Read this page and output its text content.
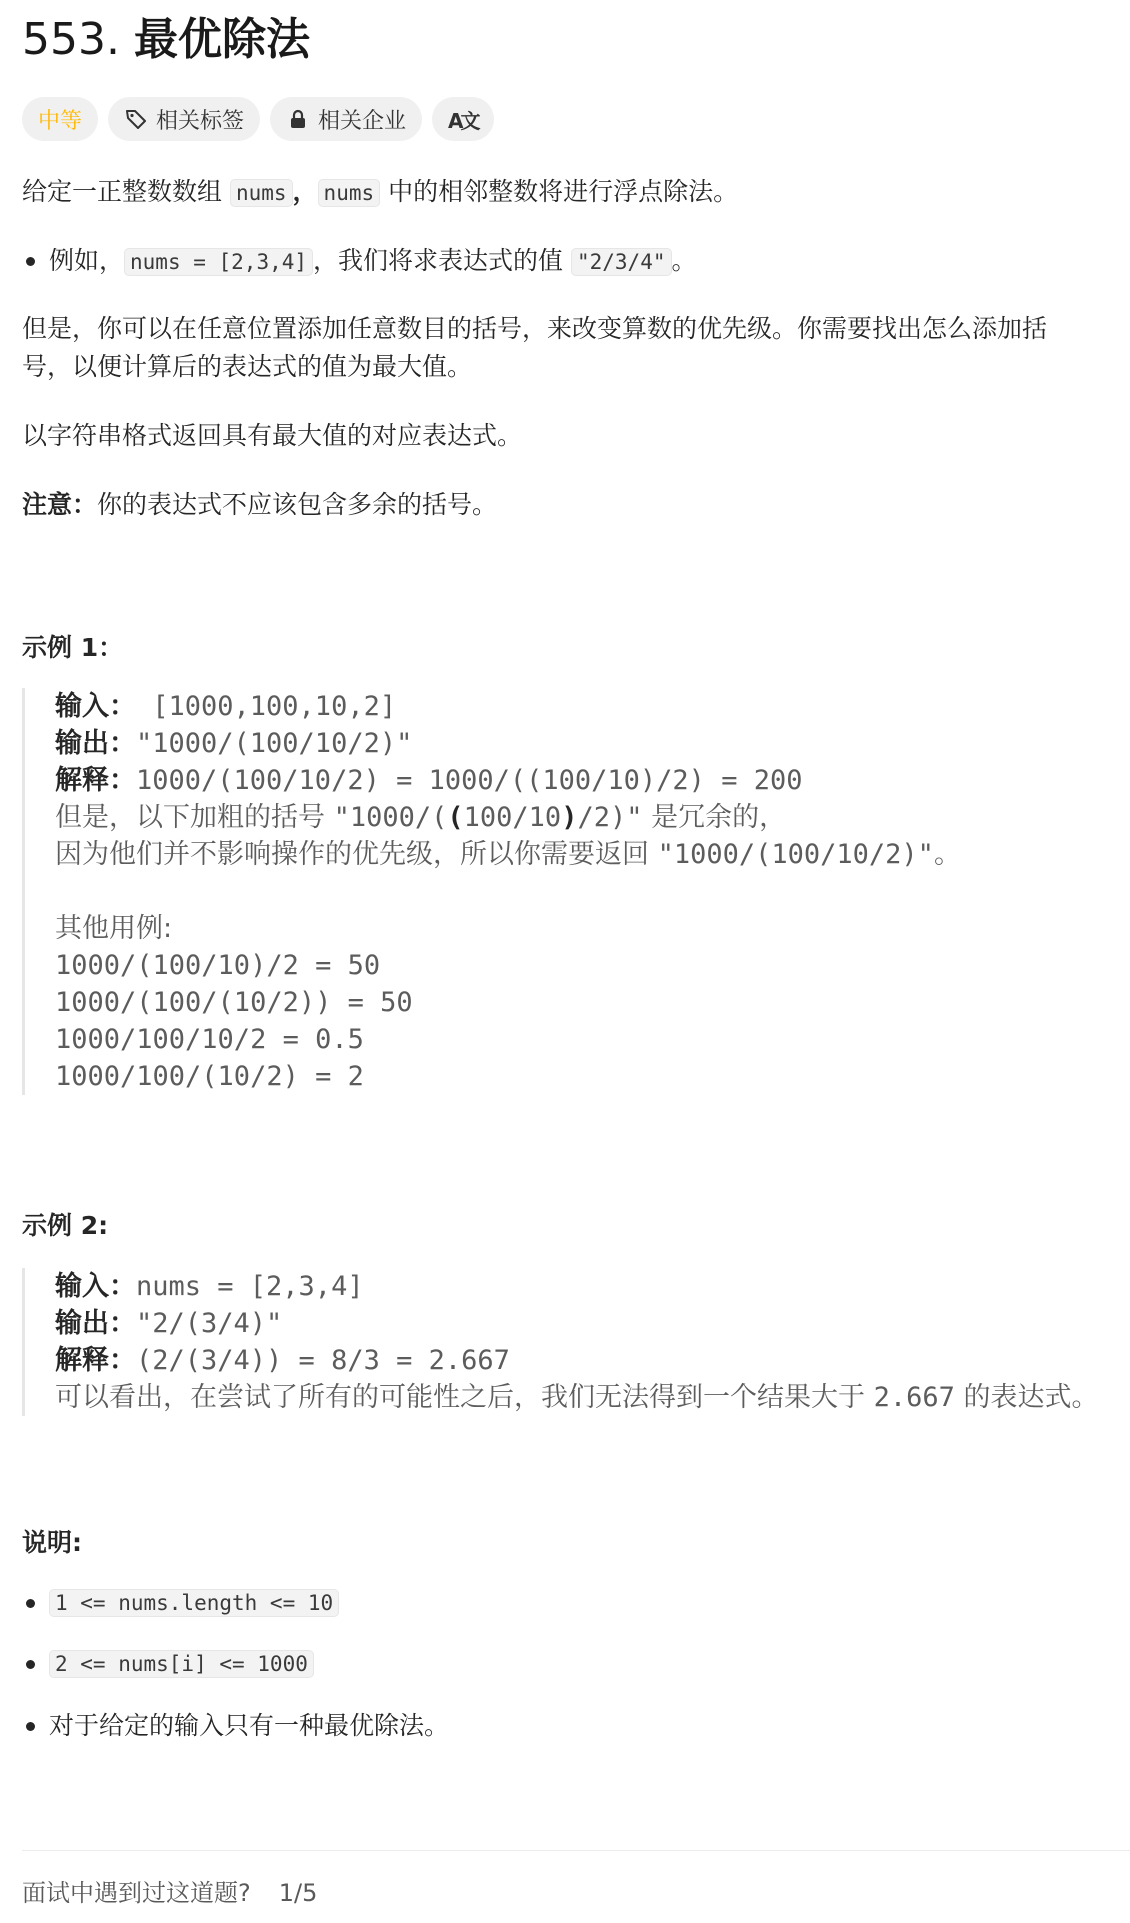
553. 最优除法
中等	相关标签	相关企业 A文

给定一正整数数组 nums ， nums 中的相邻整数将进行浮点除法。

例如， nums = [2,3,4] ，我们将求表达式的值 "2/3/4" 。

但是，你可以在任意位置添加任意数目的括号，来改变算数的优先级。你需要找出怎么添加括

号，以便计算后的表达式的值为最大值。

以字符串格式返回具有最大值的对应表达式。

注意：你的表达式不应该包含多余的括号。

示例 1：
输入： [1000,100,10,2]
输出："1000/(100/10/2)"
解释：1000/(100/10/2) = 1000/((100/10)/2) = 200
但是，以下加粗的括号 "1000/((100/10)/2)" 是冗余的，
因为他们并不影响操作的优先级，所以你需要返回 "1000/(100/10/2)"。

其他用例:
1000/(100/10)/2 = 50
1000/(100/(10/2)) = 50
1000/100/10/2 = 0.5
1000/100/(10/2) = 2
示例 2:
输入：nums = [2,3,4]
输出："2/(3/4)"
解释：(2/(3/4)) = 8/3 = 2.667
可以看出，在尝试了所有的可能性之后，我们无法得到一个结果大于 2.667 的表达式。
说明:
1 <= nums.length <= 10
2 <= nums[i] <= 1000

对于给定的输入只有一种最优除法。

面试中遇到过这道题? 1/5
